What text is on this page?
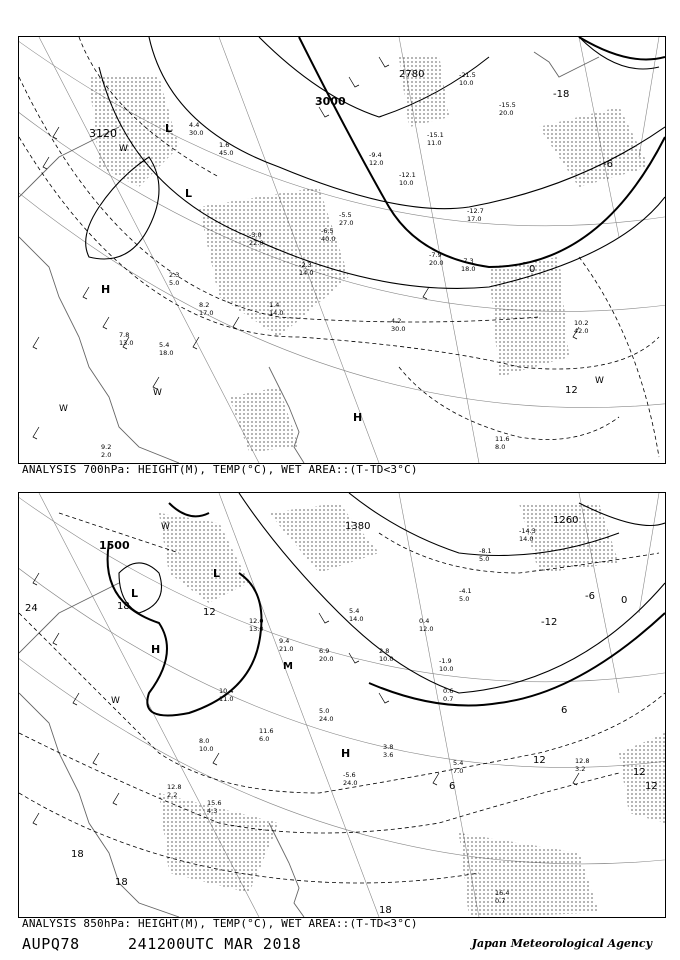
2.3
5.0
8.2
17.0
-3.0
22.0
-2.3
14.0
-5.5
27.0
-9.4
12.0
-12.1
10.0
-7.9
20.0
7.8
13.0	5.4
18.0
1.4
14.0
1.6
45.0
4.4
30.0
-21.5
10.0
-15.5
20.0
10.2
42.0
11.6
8.0
4.2
30.0
9.2
2.0
-6.5
40.0
-7.3
18.0
-15.1
11.0
-12.7
17.0
3120
3000
2780
L
L
H
H
W
W
W
W
-6
-18
0
12
ANALYSIS 700hPa: HEIGHT(M), TEMP(°C), WET AREA::(T-TD<3°C)
12.0
13.0
9.4
21.0	6.9
20.0
5.4
14.0
2.8
10.0
0.4
12.0
-4.1
5.0
10.4
11.0
11.6
6.0
8.0
10.0
5.0
24.0
-1.9
10.0
-14.3
14.0
-8.1
5.0
12.8
3.2
16.4
0.7
3.8
3.6
-5.6
24.0
5.4
7.0
0.6
0.7
15.6
4.3
12.8
2.2
1500
1380
1260
L
L
H
H
M
W
W
24	18
12
6
0
-6
-12
18
18
12
12
6
12
18
ANALYSIS 850hPa: HEIGHT(M), TEMP(°C), WET AREA::(T-TD<3°C)
AUPQ78	241200UTC MAR 2018	Japan Meteorological Agency
